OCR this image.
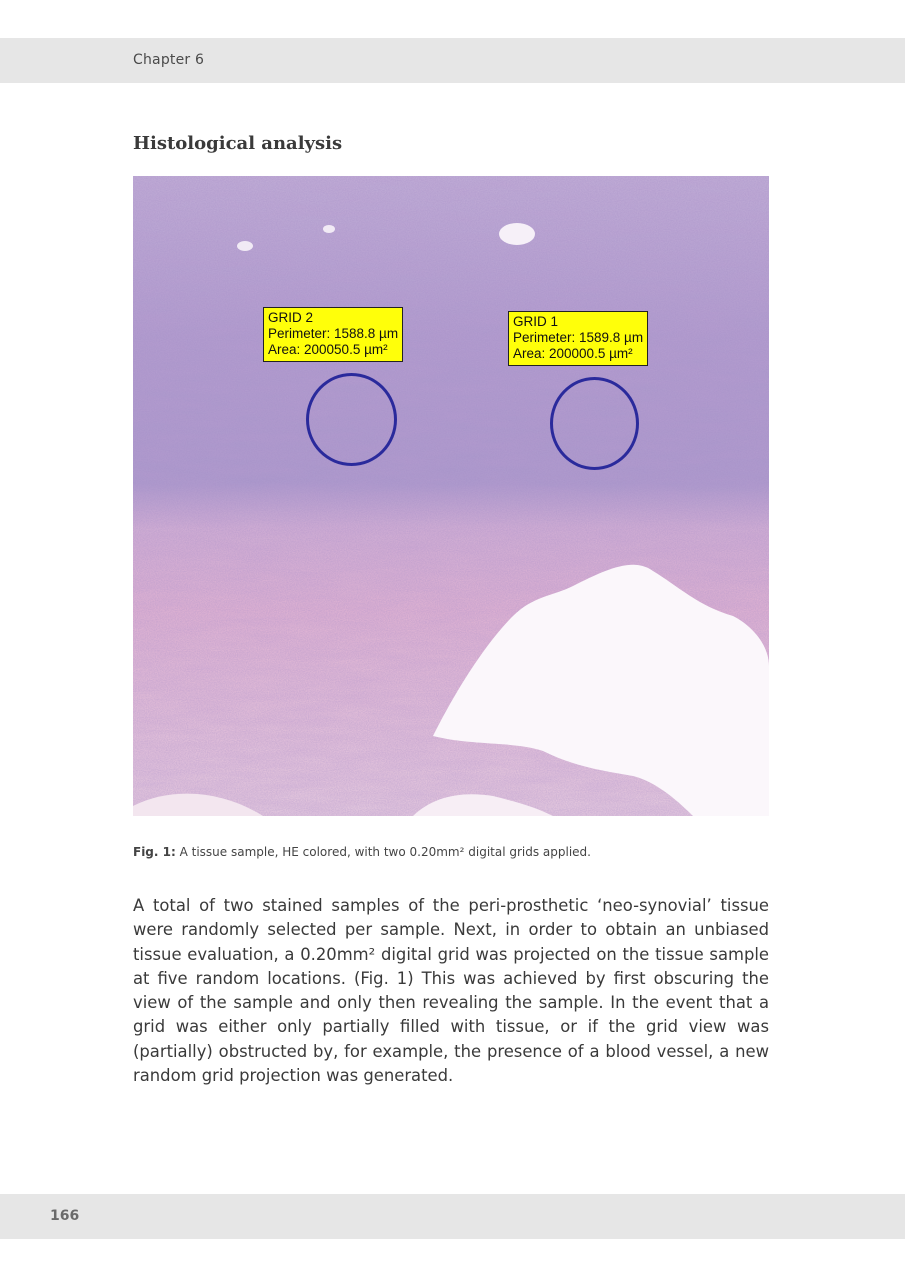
Chapter 6
Histological analysis
GRID 2
Perimeter: 1588.8 µm
Area: 200050.5 µm²
GRID 1
Perimeter: 1589.8 µm
Area: 200000.5 µm²
Fig. 1: A tissue sample, HE colored, with two 0.20mm² digital grids applied.
A total of two stained samples of the peri-prosthetic ‘neo-synovial’ tissue were randomly selected per sample. Next, in order to obtain an unbiased tissue evaluation, a 0.20mm² digital grid was projected on the tissue sample at five random locations. (Fig. 1) This was achieved by first obscuring the view of the sample and only then revealing the sample. In the event that a grid was either only partially filled with tissue, or if the grid view was (partially) obstructed by, for example, the presence of a blood vessel, a new random grid projection was generated.
166
